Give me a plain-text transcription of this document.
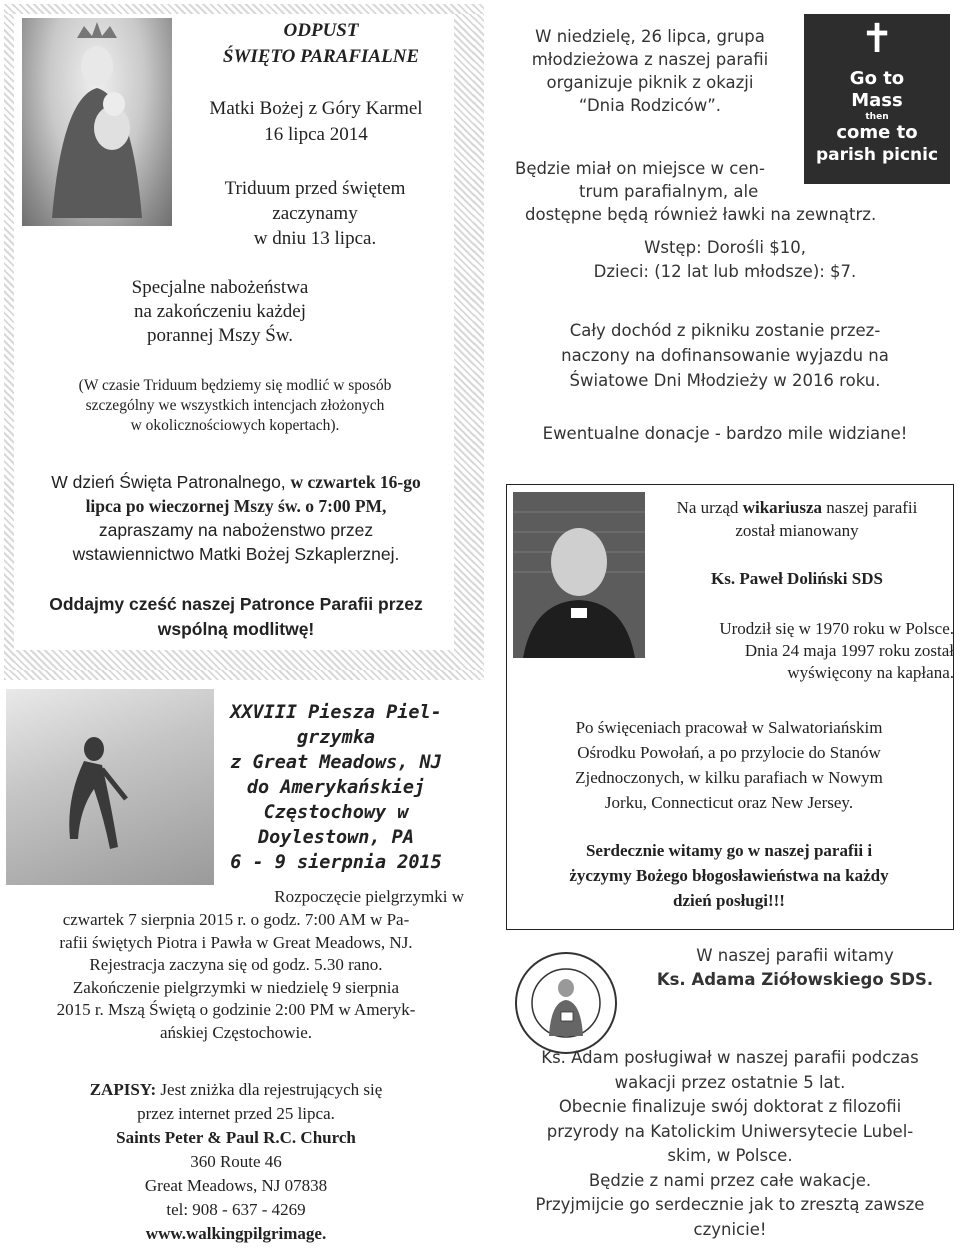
ODPUST
ŚWIĘTO PARAFIALNE
Matki Bożej z Góry Karmel
16 lipca 2014
Triduum przed świętem
zaczynamy
w dniu 13 lipca.
Specjalne nabożeństwa
na zakończeniu każdej
porannej Mszy Św.
(W czasie Triduum będziemy się modlić w sposób
szczególny we wszystkich intencjach złożonych
w okolicznościowych kopertach).
W dzień Święta Patronalnego, w czwartek 16-go
lipca po wieczornej Mszy św. o 7:00 PM,
zapraszamy na nabożenstwo przez
wstawiennictwo Matki Bożej Szkaplerznej.
Oddajmy cześć naszej Patronce Parafii przez
wspólną modlitwę!
W niedzielę, 26 lipca, grupa
młodzieżowa z naszej parafii
organizuje piknik z okazji
“Dnia Rodziców”.
✝
Go to
Mass
then
come to
parish picnic
Będzie miał on miejsce w cen-
trum parafialnym, ale
dostępne będą również ławki na zewnątrz.
Wstęp: Dorośli $10,
Dzieci: (12 lat lub młodsze): $7.
Cały dochód z pikniku zostanie przez-
naczony na dofinansowanie wyjazdu na
Światowe Dni Młodzieży w 2016 roku.
Ewentualne donacje - bardzo mile widziane!
Na urząd wikariusza naszej parafii
został mianowany
Ks. Paweł Doliński SDS
Urodził się w 1970 roku w Polsce.
Dnia 24 maja 1997 roku został
wyświęcony na kapłana.
Po święceniach pracował w Salwatoriańskim
Ośrodku Powołań, a po przylocie do Stanów
Zjednoczonych, w kilku parafiach w Nowym
Jorku, Connecticut oraz New Jersey.
Serdecznie witamy go w naszej parafii i
życzymy Bożego błogosławieństwa na każdy
dzień posługi!!!
XXVIII Piesza Piel-
grzymka
z Great Meadows, NJ
do Amerykańskiej
Częstochowy w
Doylestown, PA
6 - 9 sierpnia 2015
Rozpoczęcie pielgrzymki w
czwartek 7 sierpnia 2015 r. o godz. 7:00 AM w Pa-
rafii świętych Piotra i Pawła w Great Meadows, NJ.
Rejestracja zaczyna się od godz. 5.30 rano.
Zakończenie pielgrzymki w niedzielę 9 sierpnia
2015 r. Mszą Świętą o godzinie 2:00 PM w Ameryk-
ańskiej Częstochowie.
ZAPISY: Jest zniżka dla rejestrujących się
przez internet przed 25 lipca.
Saints Peter & Paul R.C. Church
360 Route 46
Great Meadows, NJ 07838
tel: 908 - 637 - 4269
www.walkingpilgrimage.
W naszej parafii witamy
Ks. Adama Ziółowskiego SDS.
Ks. Adam posługiwał w naszej parafii podczas
wakacji przez ostatnie 5 lat.
Obecnie finalizuje swój doktorat z filozofii
przyrody na Katolickim Uniwersytecie Lubel-
skim, w Polsce.
Będzie z nami przez całe wakacje.
Przyjmijcie go serdecznie jak to zresztą zawsze
czynicie!
